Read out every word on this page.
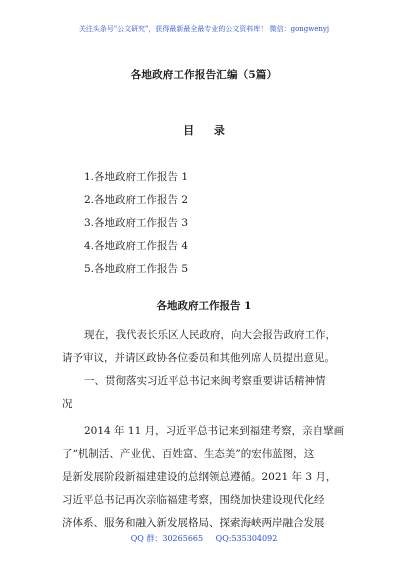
关注头条号"公文研究"，获得最新最全最专业的公文资料库！ 微信：gongwenyj
各地政府工作报告汇编（5篇）
目 录
1.各地政府工作报告 1
2.各地政府工作报告 2
3.各地政府工作报告 3
4.各地政府工作报告 4
5.各地政府工作报告 5
各地政府工作报告 1
现在，我代表长乐区人民政府，向大会报告政府工作，
请予审议，并请区政协各位委员和其他列席人员提出意见。
一、贯彻落实习近平总书记来闽考察重要讲话精神情
况
2014 年 11 月，习近平总书记来到福建考察，亲自擘画
了“机制活、产业优、百姓富、生态美”的宏伟蓝图，这
是新发展阶段新福建建设的总纲领总遵循。2021 年 3 月，
习近平总书记再次亲临福建考察，围绕加快建设现代化经
济体系、服务和融入新发展格局、探索海峡两岸融合发展
QQ 群：30265665 QQ:535304092
